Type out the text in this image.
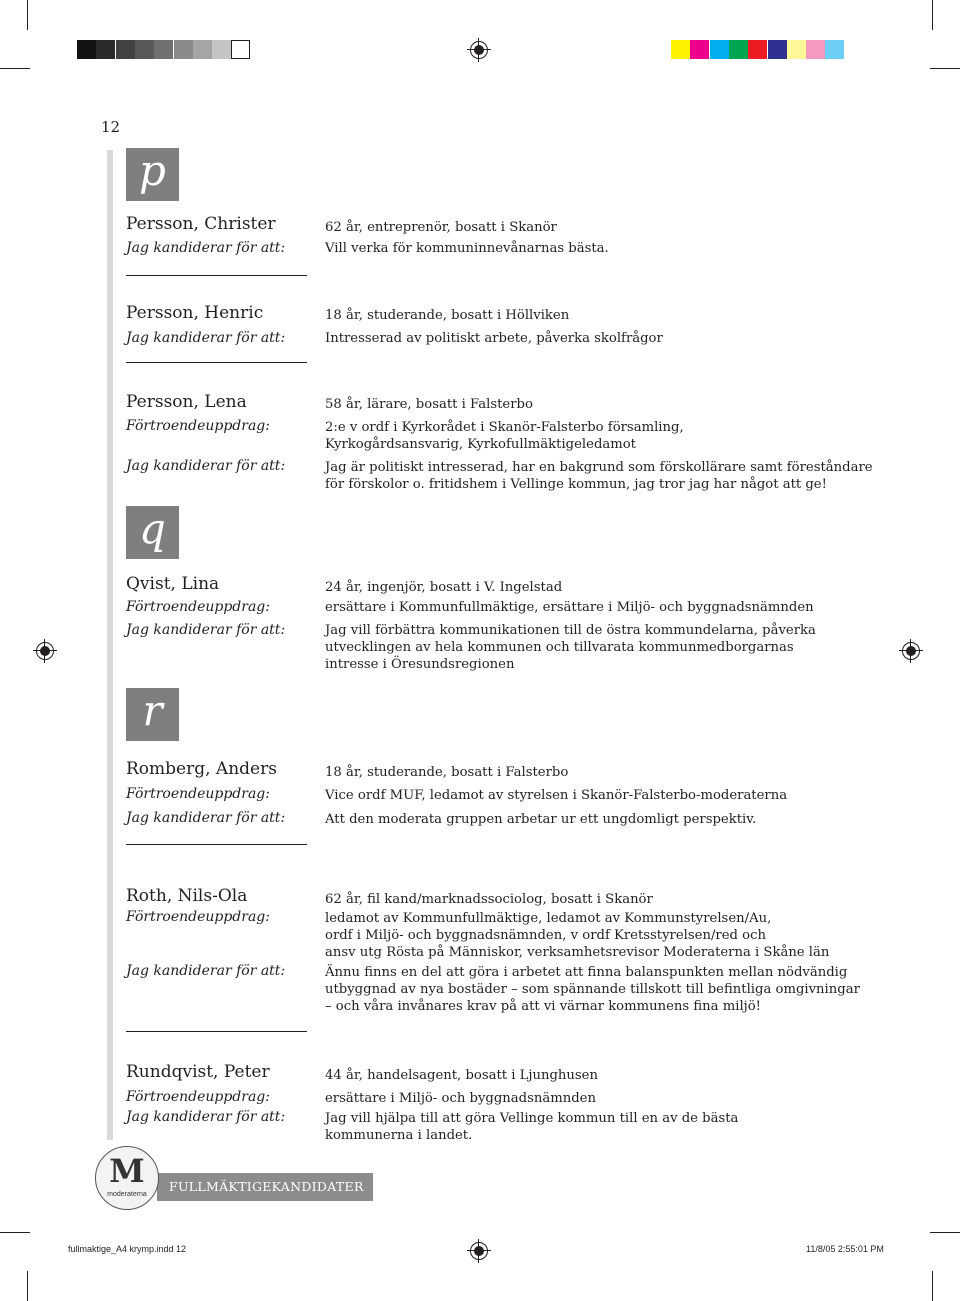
12
p
Persson, Christer
Jag kandiderar för att:
62 år, entreprenör, bosatt i Skanör
Vill verka för kommuninnevånarnas bästa.
Persson, Henric
Jag kandiderar för att:
18 år, studerande, bosatt i Höllviken
Intresserad av politiskt arbete, påverka skolfrågor
Persson, Lena
Förtroendeuppdrag:
Jag kandiderar för att:
58 år, lärare, bosatt i Falsterbo
2:e v ordf i Kyrkorådet i Skanör-Falsterbo församling,
Kyrkogårdsansvarig, Kyrkofullmäktigeledamot
Jag är politiskt intresserad, har en bakgrund som förskollärare samt föreståndare
för förskolor o. fritidshem i Vellinge kommun, jag tror jag har något att ge!
q
Qvist, Lina
Förtroendeuppdrag:
Jag kandiderar för att:
24 år, ingenjör, bosatt i V. Ingelstad
ersättare i Kommunfullmäktige, ersättare i Miljö- och byggnadsnämnden
Jag vill förbättra kommunikationen till de östra kommundelarna, påverka
utvecklingen av hela kommunen och tillvarata kommunmedborgarnas
intresse i Öresundsregionen
r
Romberg, Anders
Förtroendeuppdrag:
Jag kandiderar för att:
18 år, studerande, bosatt i Falsterbo
Vice ordf MUF, ledamot av styrelsen i Skanör-Falsterbo-moderaterna
Att den moderata gruppen arbetar ur ett ungdomligt perspektiv.
Roth, Nils-Ola
Förtroendeuppdrag:
Jag kandiderar för att:
62 år, fil kand/marknadssociolog, bosatt i Skanör
ledamot av Kommunfullmäktige, ledamot av Kommunstyrelsen/Au,
ordf i Miljö- och byggnadsnämnden, v ordf Kretsstyrelsen/red och
ansv utg Rösta på Människor, verksamhetsrevisor Moderaterna i Skåne län
Ännu finns en del att göra i arbetet att finna balanspunkten mellan nödvändig
utbyggnad av nya bostäder – som spännande tillskott till befintliga omgivningar
– och våra invånares krav på att vi värnar kommunens fina miljö!
Rundqvist, Peter
Förtroendeuppdrag:
Jag kandiderar för att:
44 år, handelsagent, bosatt i Ljunghusen
ersättare i Miljö- och byggnadsnämnden
Jag vill hjälpa till att göra Vellinge kommun till en av de bästa
kommunerna i landet.
FULLMÄKTIGEKANDIDATER
M
moderaterna
fullmaktige_A4 krymp.indd 12	11/8/05 2:55:01 PM
